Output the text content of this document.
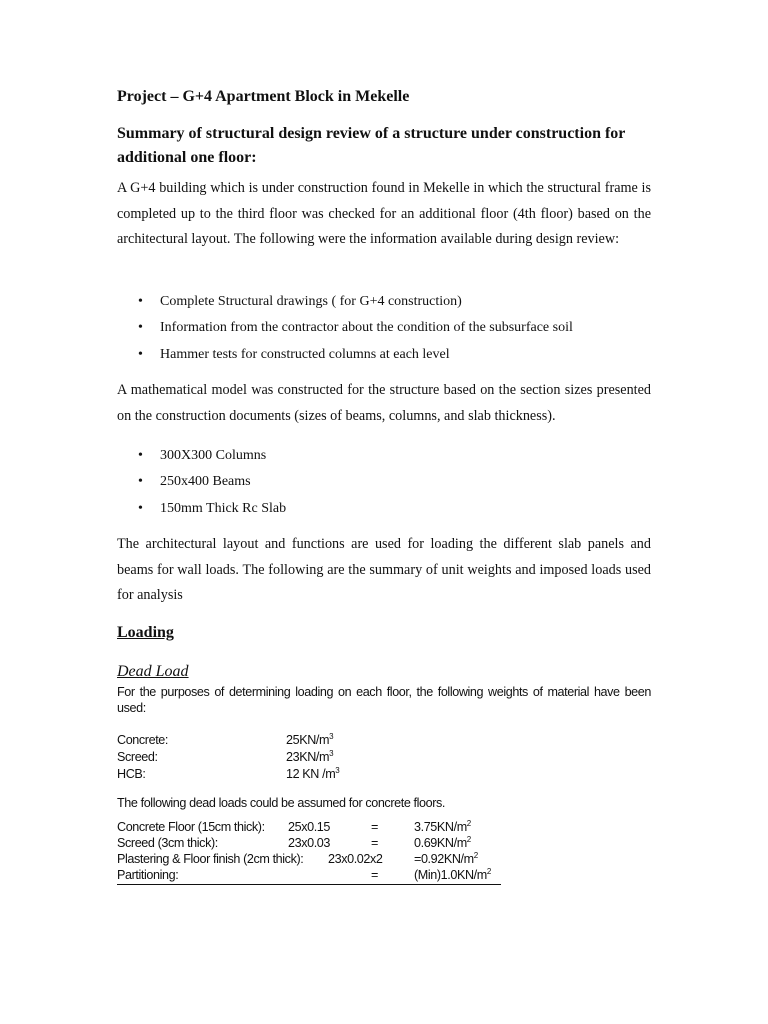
Project – G+4 Apartment Block in Mekelle
Summary of structural design review of a structure under construction for additional one floor:
A G+4 building which is under construction found in Mekelle in which the structural frame is completed up to the third floor was checked for an additional floor (4th floor) based on the architectural layout. The following were the information available during design review:
• Complete Structural drawings ( for G+4 construction)
• Information from the contractor about the condition of the subsurface soil
• Hammer tests for constructed columns at each level
A mathematical model was constructed for the structure based on the section sizes presented on the construction documents (sizes of beams, columns, and slab thickness).
• 300X300 Columns
• 250x400 Beams
• 150mm Thick Rc Slab
The architectural layout and functions are used for loading the different slab panels and beams for wall loads. The following are the summary of unit weights and imposed loads used for analysis
Loading
Dead Load
For the purposes of determining loading on each floor, the following weights of material have been used:
Concrete:	$25KN/m^3$
Screed:	$23KN/m^3$
HCB:	12 KN $/m^3$
The following dead loads could be assumed for concrete floors.
Concrete Floor (15cm thick): 25x0.15	=	$3.75KN/m^2$
Screed (3cm thick):	23x0.03	=	$0.69KN/m^2$
Plastering & Floor finish (2cm thick): $23x0.02x2 =0.92KN/m^2$
Partitioning:	=	$(Min)1.0KN/m^2$
